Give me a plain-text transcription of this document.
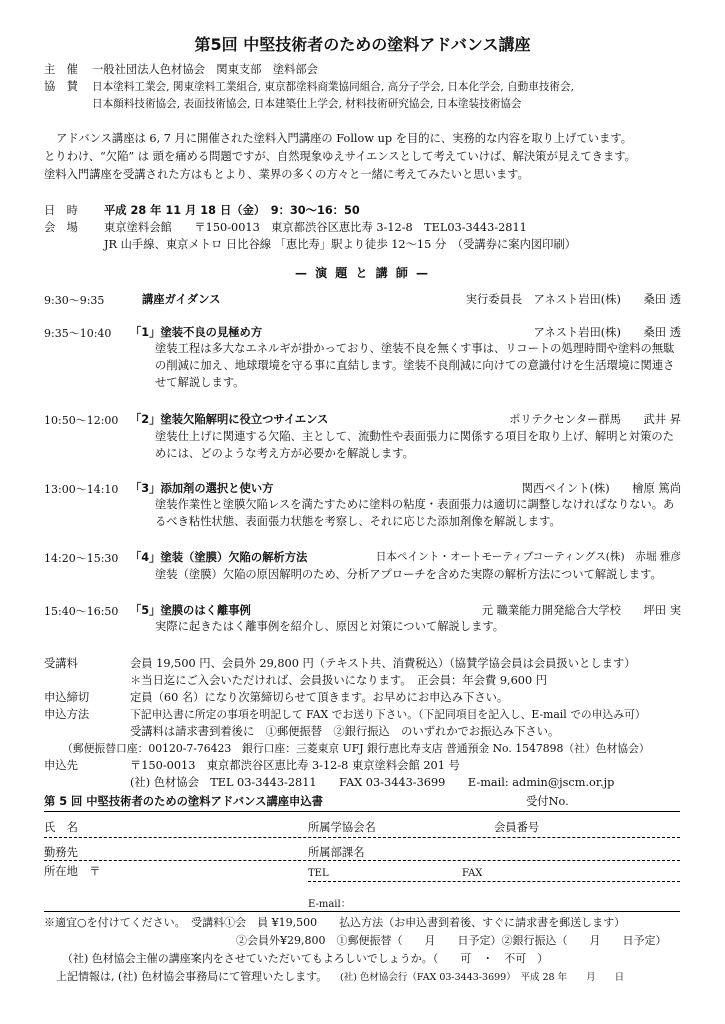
第5回 中堅技術者のための塗料アドバンス講座
主　催 一般社団法人色材協会　関東支部　塗料部会
協　賛 日本塗料工業会, 関東塗料工業組合, 東京都塗料商業協同組合, 高分子学会, 日本化学会, 自動車技術会,
日本顔料技術協会, 表面技術協会, 日本建築仕上学会, 材料技術研究協会, 日本塗装技術協会
アドバンス講座は 6, 7 月に開催された塗料入門講座の Follow up を目的に、実務的な内容を取り上げています。
とりわけ、“欠陥” は 頭を痛める問題ですが、自然現象ゆえサイエンスとして考えていけば、解決策が見えてきます。
塗料入門講座を受講された方はもとより、業界の多くの方々と一緒に考えてみたいと思います。
日　時 平成 28 年 11 月 18 日（金）　9：30〜16：50
会　場 東京塗料会館　　〒150-0013　東京都渋谷区恵比寿 3-12-8　TEL03-3443-2811
JR 山手線、東京メトロ 日比谷線 「恵比寿」駅より徒歩 12〜15 分　（受講券に案内図印刷）
— 演 題 と 講 師 —
9:30〜9:35	講座ガイダンス	実行委員長　アネスト岩田(株)　　桑田 透
9:35〜10:40 「1」塗装不良の見極め方	アネスト岩田(株)　　桑田 透
塗装工程は多大なエネルギが掛かっており、塗装不良を無くす事は、リコートの処理時間や塗料の無駄の削減に加え、地球環境を守る事に直結します。塗装不良削減に向けての意識付けを生活環境に関連させて解説します。
10:50〜12:00 「2」塗装欠陥解明に役立つサイエンス	ポリテクセンター群馬　　武井 昇
塗装仕上げに関連する欠陥、主として、流動性や表面張力に関係する項目を取り上げ、解明と対策のためには、どのような考え方が必要かを解説します。
13:00〜14:10 「3」添加剤の選択と使い方	関西ペイント(株)　　檜原 篤尚
塗装作業性と塗膜欠陥レスを満たすために塗料の粘度・表面張力は適切に調整しなければなりない。あるべき粘性状態、表面張力状態を考察し、それに応じた添加剤像を解説します。
14:20〜15:30 「4」塗装（塗膜）欠陥の解析方法	日本ペイント・オートモーティブコーティングス(株)　赤堀 雅彦
塗装（塗膜）欠陥の原因解明のため、分析アプローチを含めた実際の解析方法について解説します。
15:40〜16:50 「5」塗膜のはく離事例	元 職業能力開発総合大学校　　坪田 実
実際に起きたはく離事例を紹介し、原因と対策について解説します。
受講料	会員 19,500 円、会員外 29,800 円（テキスト共、消費税込）（協賛学協会員は会員扱いとします）
＊当日迄にご入会いただければ、会員扱いになります。　正会員：年会費 9,600 円
申込締切	定員（60 名）になり次第締切らせて頂きます。お早めにお申込み下さい。
申込方法	下記申込書に所定の事項を明記して FAX でお送り下さい。（下記同項目を記入し、E-mail での申込み可）
受講料は請求書到着後に　①郵便振替　②銀行振込　のいずれかでお振込み下さい。
（郵便振替口座：00120-7-76423　銀行口座：三菱東京 UFJ 銀行恵比寿支店 普通預金 No. 1547898（社）色材協会）
申込先	〒150-0013　東京都渋谷区恵比寿 3-12-8 東京塗料会館 201 号
(社) 色材協会　TEL 03-3443-2811　　FAX 03-3443-3699　　E-mail: admin@jscm.or.jp
第 5 回 中堅技術者のための塗料アドバンス講座申込書	受付No.
氏　名	所属学協会名	会員番号
勤務先	所属部課名
所在地　〒	TEL	FAX
E-mail：
※適宜○を付けてください。　受講料①会　員 ¥19,500　　払込方法（お申込書到着後、すぐに請求書を郵送します）
②会員外¥29,800　①郵便振替（　　月　　日予定）②銀行振込（　　月　　日予定）
（社) 色材協会主催の講座案内をさせていただいてもよろしいでしょうか。（　　可　・　不可　）
上記情報は, (社) 色材協会事務局にて管理いたします。 (社) 色材協会行（FAX 03-3443-3699）　平成 28 年　　月　　日
